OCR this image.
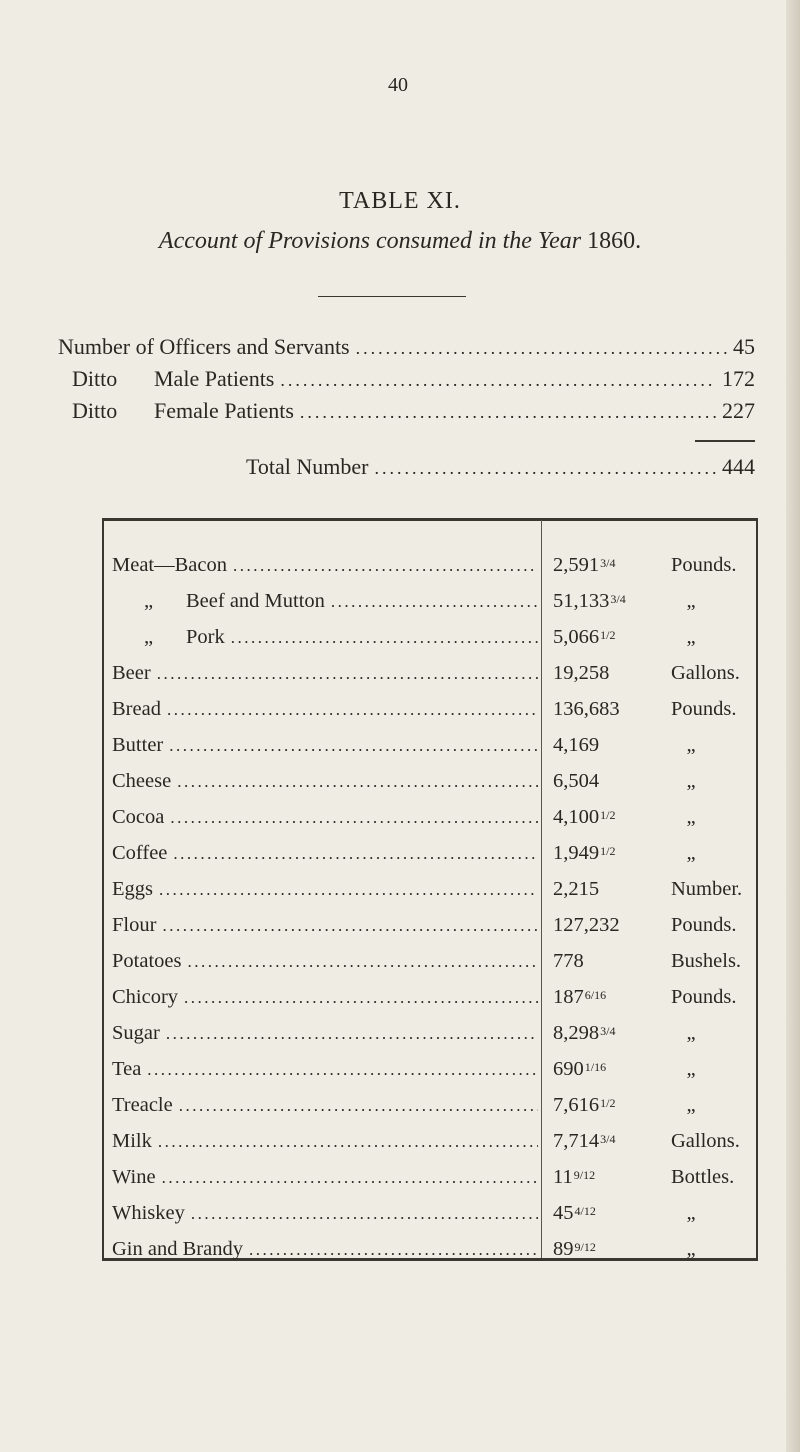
40
TABLE XI.
Account of Provisions consumed in the Year 1860.
Number of Officers and Servants .....	45
Ditto Male Patients .....	172
Ditto Female Patients .....	227
Total Number .....	444
Meat—Bacon .....	2,5913/4	Pounds.
„ Beef and Mutton .....	51,1333/4	„
„ Pork .....	5,0661/2	„
Beer .....	19,258	Gallons.
Bread .....	136,683	Pounds.
Butter .....	4,169	„
Cheese .....	6,504	„
Cocoa .....	4,1001/2	„
Coffee .....	1,9491/2	„
Eggs .....	2,215	Number.
Flour .....	127,232	Pounds.
Potatoes .....	778	Bushels.
Chicory .....	1876/16	Pounds.
Sugar .....	8,2983/4	„
Tea .....	6901/16	„
Treacle .....	7,6161/2	„
Milk .....	7,7143/4	Gallons.
Wine .....	119/12	Bottles.
Whiskey .....	454/12	„
Gin and Brandy .....	899/12	„
